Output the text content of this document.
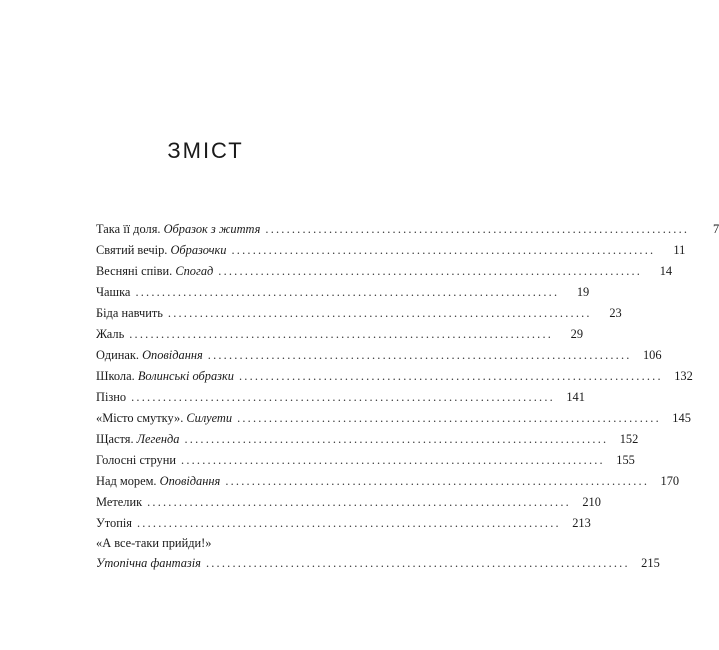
ЗМІСТ
Така її доля. Образок з життя ................................................................................	7
Святий вечір. Образочки ................................................................................	11
Весняні співи. Спогад ................................................................................	14
Чашка ................................................................................	19
Біда навчить ................................................................................	23
Жаль ................................................................................	29
Одинак. Оповідання ................................................................................ 106
Школа. Волинські образки ................................................................................ 132
Пізно ................................................................................ 141
«Місто смутку». Силуети ................................................................................ 145
Щастя. Легенда ................................................................................ 152
Голосні струни ................................................................................ 155
Над морем. Оповідання ................................................................................ 170
Метелик ................................................................................ 210
Утопія ................................................................................ 213
«А все-таки прийди!»
Утопічна фантазія ................................................................................ 215
